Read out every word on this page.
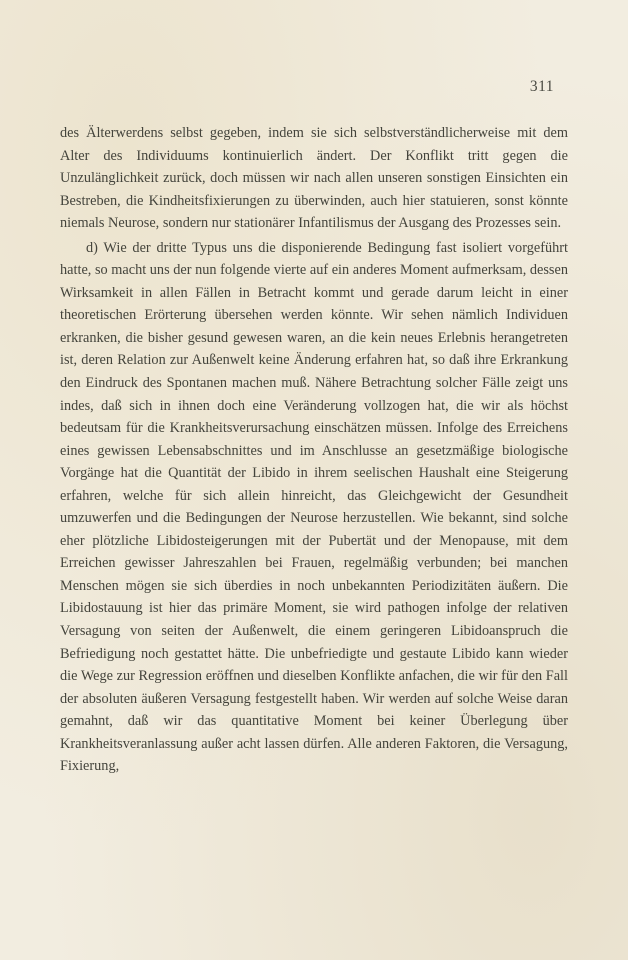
311

des Älterwerdens selbst gegeben, indem sie sich selbstverständlicherweise mit dem Alter des Individuums kontinuierlich ändert. Der Konflikt tritt gegen die Unzulänglichkeit zurück, doch müssen wir nach allen unseren sonstigen Einsichten ein Bestreben, die Kindheitsfixierungen zu überwinden, auch hier statuieren, sonst könnte niemals Neurose, sondern nur stationärer Infantilismus der Ausgang des Prozesses sein.

d) Wie der dritte Typus uns die disponierende Bedingung fast isoliert vorgeführt hatte, so macht uns der nun folgende vierte auf ein anderes Moment aufmerksam, dessen Wirksamkeit in allen Fällen in Betracht kommt und gerade darum leicht in einer theoretischen Erörterung übersehen werden könnte. Wir sehen nämlich Individuen erkranken, die bisher gesund gewesen waren, an die kein neues Erlebnis herangetreten ist, deren Relation zur Außenwelt keine Änderung erfahren hat, so daß ihre Erkrankung den Eindruck des Spontanen machen muß. Nähere Betrachtung solcher Fälle zeigt uns indes, daß sich in ihnen doch eine Veränderung vollzogen hat, die wir als höchst bedeutsam für die Krankheitsverursachung einschätzen müssen. Infolge des Erreichens eines gewissen Lebensabschnittes und im Anschlusse an gesetzmäßige biologische Vorgänge hat die Quantität der Libido in ihrem seelischen Haushalt eine Steigerung erfahren, welche für sich allein hinreicht, das Gleichgewicht der Gesundheit umzuwerfen und die Bedingungen der Neurose herzustellen. Wie bekannt, sind solche eher plötzliche Libidosteigerungen mit der Pubertät und der Menopause, mit dem Erreichen gewisser Jahreszahlen bei Frauen, regelmäßig verbunden; bei manchen Menschen mögen sie sich überdies in noch unbekannten Periodizitäten äußern. Die Libidostauung ist hier das primäre Moment, sie wird pathogen infolge der relativen Versagung von seiten der Außenwelt, die einem geringeren Libidoanspruch die Befriedigung noch gestattet hätte. Die unbefriedigte und gestaute Libido kann wieder die Wege zur Regression eröffnen und dieselben Konflikte anfachen, die wir für den Fall der absoluten äußeren Versagung festgestellt haben. Wir werden auf solche Weise daran gemahnt, daß wir das quantitative Moment bei keiner Überlegung über Krankheitsveranlassung außer acht lassen dürfen. Alle anderen Faktoren, die Versagung, Fixierung,
